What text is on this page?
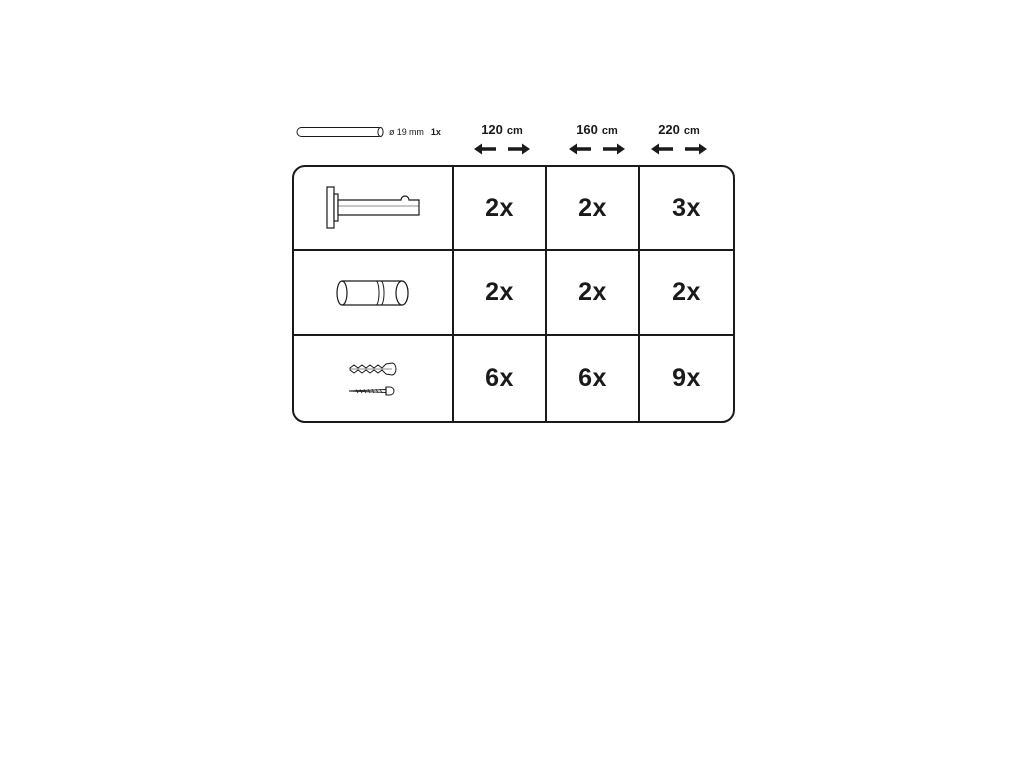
ø 19 mm 1x	120 cm	160 cm	220 cm
2x	2x	3x
2x	2x	2x
6x	6x	9x
